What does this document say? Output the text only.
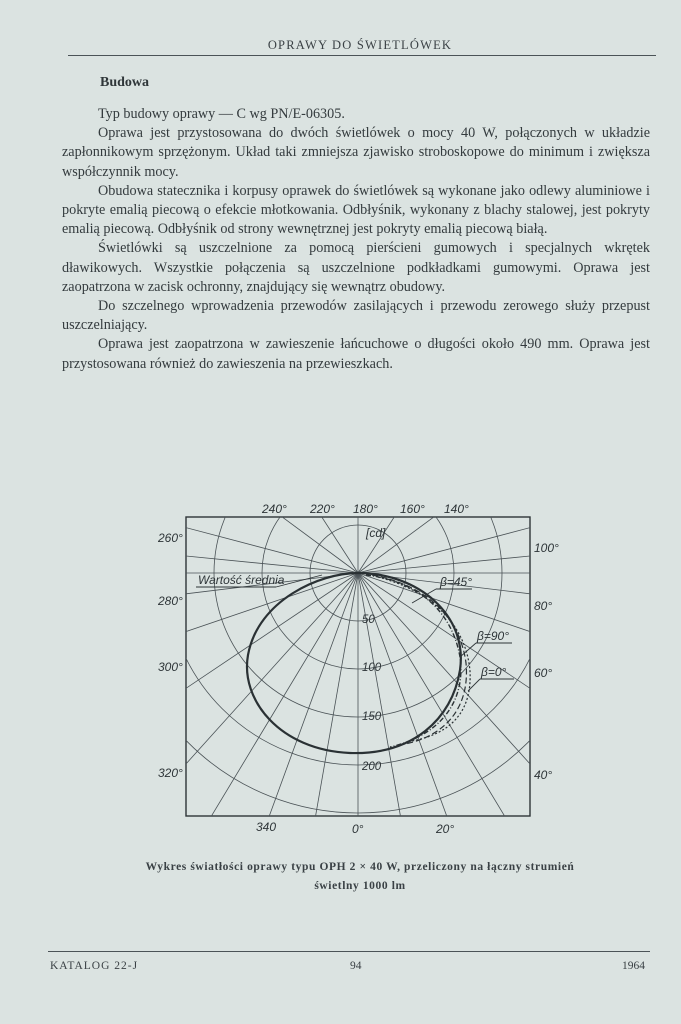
OPRAWY DO ŚWIETLÓWEK
Budowa

Typ budowy oprawy — C wg PN/E-06305.

Oprawa jest przystosowana do dwóch świetlówek o mocy 40 W, połączonych w układzie zapłonnikowym sprzężonym. Układ taki zmniejsza zjawisko stroboskopowe do minimum i zwiększa współczynnik mocy.

Obudowa statecznika i korpusy oprawek do świetlówek są wykonane jako odlewy aluminiowe i pokryte emalią piecową o efekcie młotkowania. Odbłyśnik, wykonany z blachy stalowej, jest pokryty emalią piecową. Odbłyśnik od strony wewnętrznej jest pokryty emalią piecową białą.

Świetlówki są uszczelnione za pomocą pierścieni gumowych i specjalnych wkrętek dławikowych. Wszystkie połączenia są uszczelnione podkładkami gumowymi. Oprawa jest zaopatrzona w zacisk ochronny, znajdujący się wewnątrz obudowy.

Do szczelnego wprowadzenia przewodów zasilających i przewodu zerowego służy przepust uszczelniający.

Oprawa jest zaopatrzona w zawieszenie łańcuchowe o długości około 490 mm. Oprawa jest przystosowana również do zawieszenia na przewieszkach.

Wartość średnia	β=45°
β=90°
β=0°
[cd]
50
100
150
200
240° 220° 180° 160° 140°
260°
280°
300°
320°
100°
80°
60°
40°
340	0°	20°
Wykres światłości oprawy typu OPH 2 × 40 W, przeliczony na łączny strumień świetlny 1000 lm
KATALOG 22-J	94	1964
